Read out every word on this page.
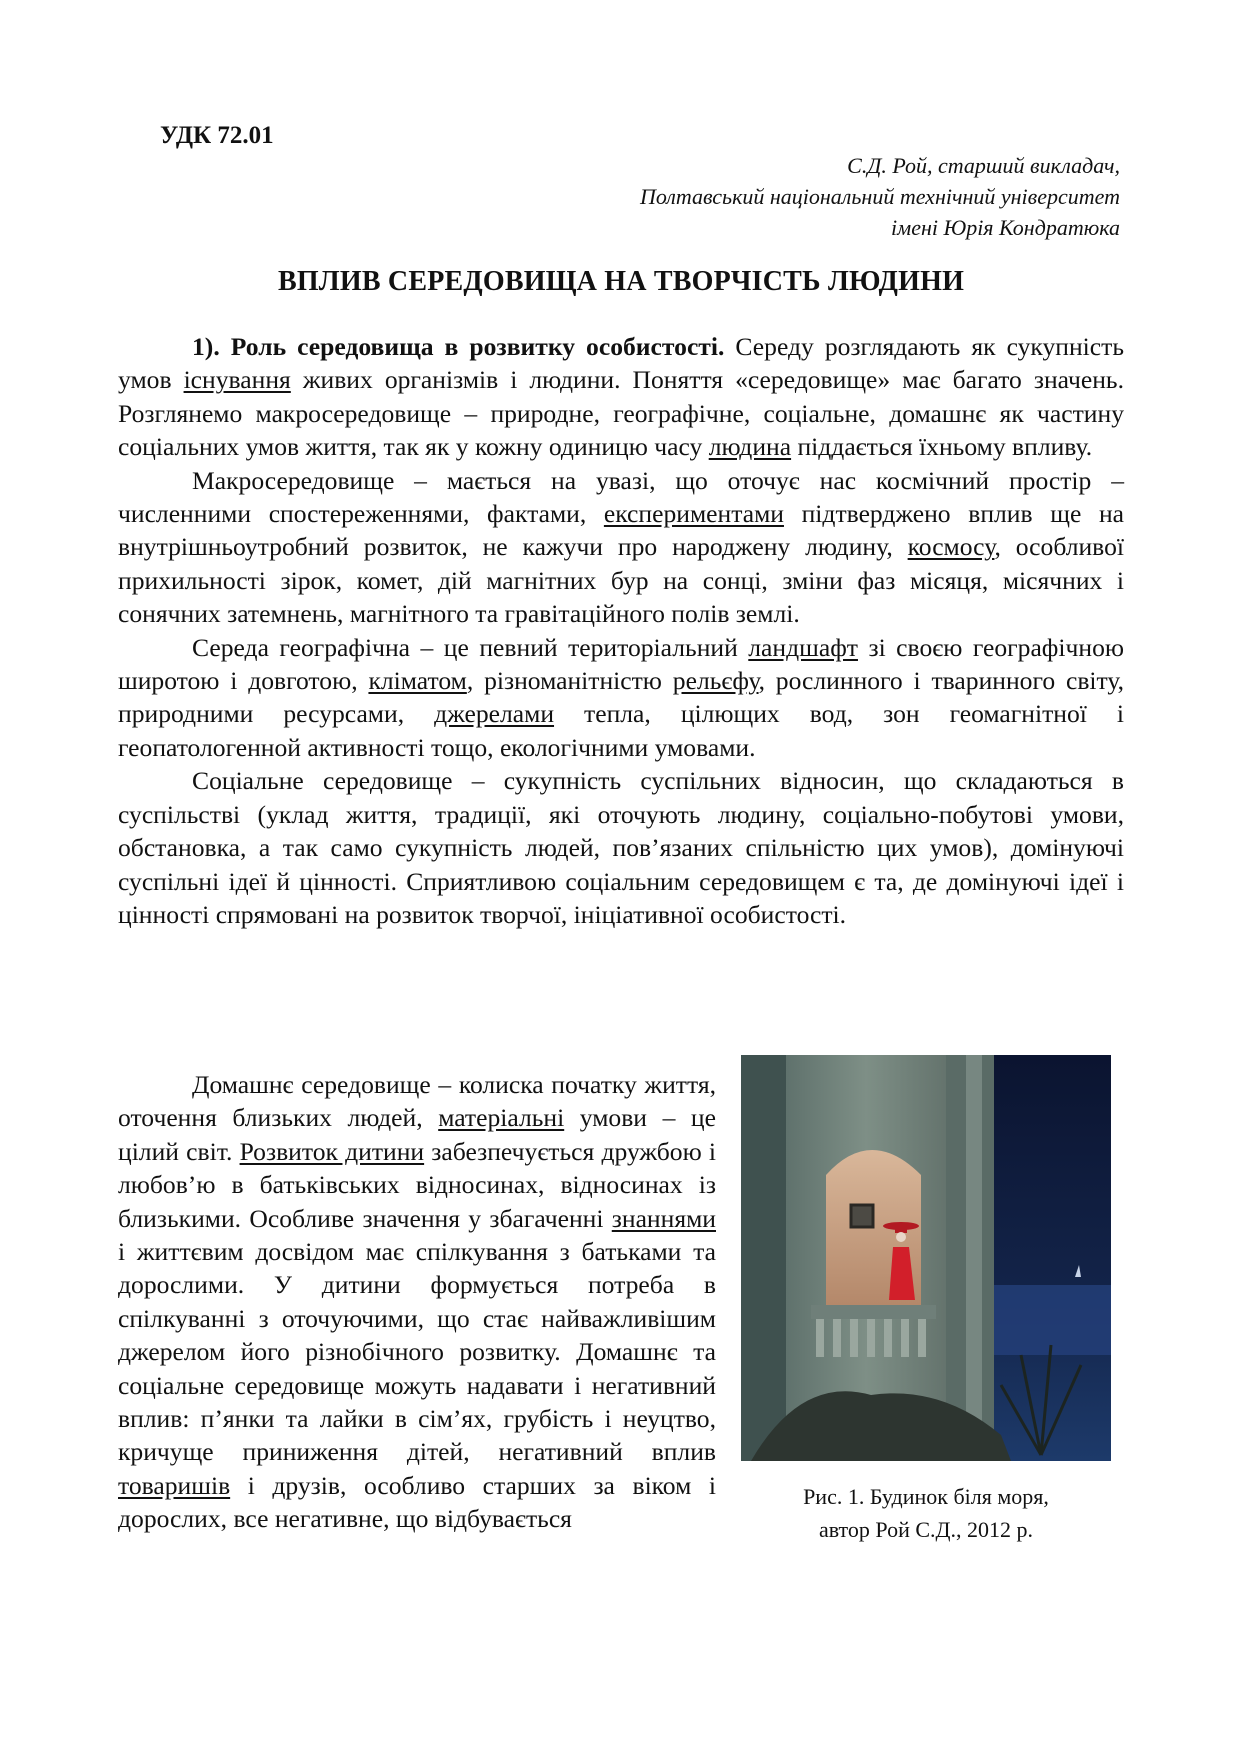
УДК 72.01
С.Д. Рой, старший викладач,
Полтавський національний технічний університет
імені Юрія Кондратюка
ВПЛИВ СЕРЕДОВИЩА НА ТВОРЧІСТЬ ЛЮДИНИ

1). Роль середовища в розвитку особистості. Середу розглядають як сукупність умов існування живих організмів і людини. Поняття «середовище» має багато значень. Розглянемо макросередовище – природне, географічне, соціальне, домашнє як частину соціальних умов життя, так як у кожну одиницю часу людина піддається їхньому впливу.

Макросередовище – мається на увазі, що оточує нас космічний простір – численними спостереженнями, фактами, експериментами підтверджено вплив ще на внутрішньоутробний розвиток, не кажучи про народжену людину, космосу, особливої прихильності зірок, комет, дій магнітних бур на сонці, зміни фаз місяця, місячних і сонячних затемнень, магнітного та гравітаційного полів землі.

Середа географічна – це певний територіальний ландшафт зі своєю географічною широтою і довготою, кліматом, різноманітністю рельєфу, рослинного і тваринного світу, природними ресурсами, джерелами тепла, цілющих вод, зон геомагнітної і геопатологенной активності тощо, екологічними умовами.

Соціальне середовище – сукупність суспільних відносин, що складаються в суспільстві (уклад життя, традиції, які оточують людину, соціально-побутові умови, обстановка, а так само сукупність людей, пов’язаних спільністю цих умов), домінуючі суспільні ідеї й цінності. Сприятливою соціальним середовищем є та, де домінуючі ідеї і цінності спрямовані на розвиток творчої, ініціативної особистості.

Домашнє середовище – колиска початку життя, оточення близьких людей, матеріальні умови – це цілий світ. Розвиток дитини забезпечується дружбою і любов’ю в батьківських відносинах, відносинах із близькими. Особливе значення у збагаченні знаннями і життєвим досвідом має спілкування з батьками та дорослими. У дитини формується потреба в спілкуванні з оточуючими, що стає найважливішим джерелом його різнобічного розвитку. Домашнє та соціальне середовище можуть надавати і негативний вплив: п’янки та лайки в сім’ях, грубість і неуцтво, кричуще приниження дітей, негативний вплив товаришів і друзів, особливо старших за віком і дорослих, все негативне, що відбувається

Рис. 1. Будинок біля моря,
автор Рой С.Д., 2012 р.
